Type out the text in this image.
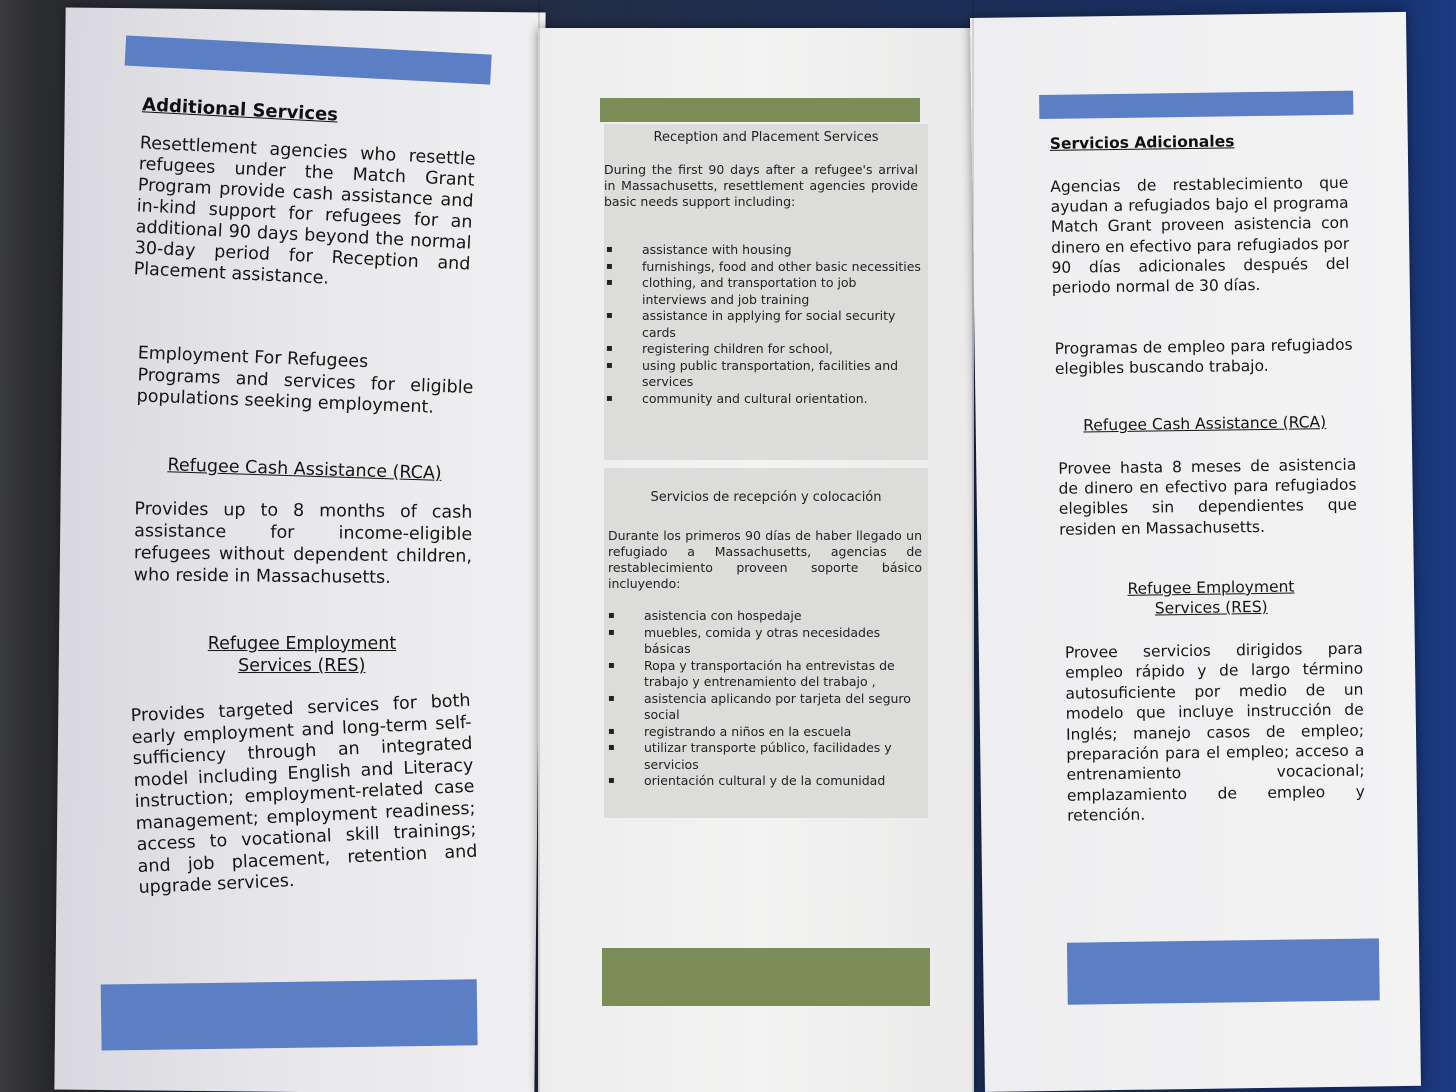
Additional Services
Resettlement agencies who resettle refugees under the Match Grant Program provide cash assistance and in-kind support for refugees for an additional 90 days beyond the normal 30-day period for Reception and Placement assistance.
Employment For Refugees
Programs and services for eligible populations seeking employment.
Refugee Cash Assistance (RCA)
Provides up to 8 months of cash assistance for income-eligible refugees without dependent children, who reside in Massachusetts.
Refugee Employment
Services (RES)
Provides targeted services for both early employment and long-term self-sufficiency through an integrated model including English and Literacy instruction; employment-related case management; employment readiness; access to vocational skill trainings; and job placement, retention and upgrade services.
Reception and Placement Services
During the first 90 days after a refugee's arrival in Massachusetts, resettlement agencies provide basic needs support including:
▪ assistance with housing
▪ furnishings, food and other basic necessities
▪ clothing, and transportation to job interviews and job training
▪ assistance in applying for social security cards
▪ registering children for school,
▪ using public transportation, facilities and services
▪ community and cultural orientation.
Servicios de recepción y colocación
Durante los primeros 90 días de haber llegado un refugiado a Massachusetts, agencias de restablecimiento proveen soporte básico incluyendo:
▪ asistencia con hospedaje
▪ muebles, comida y otras necesidades básicas
▪ Ropa y transportación ha entrevistas de trabajo y entrenamiento del trabajo ,
▪ asistencia aplicando por tarjeta del seguro social
▪ registrando a niños en la escuela
▪ utilizar transporte público, facilidades y servicios
▪ orientación cultural y de la comunidad
Servicios Adicionales
Agencias de restablecimiento que ayudan a refugiados bajo el programa Match Grant proveen asistencia con dinero en efectivo para refugiados por 90 días adicionales después del periodo normal de 30 días.
Programas de empleo para refugiados elegibles buscando trabajo.
Refugee Cash Assistance (RCA)
Provee hasta 8 meses de asistencia de dinero en efectivo para refugiados elegibles sin dependientes que residen en Massachusetts.
Refugee Employment
Services (RES)
Provee servicios dirigidos para empleo rápido y de largo término autosuficiente por medio de un modelo que incluye instrucción de Inglés; manejo casos de empleo; preparación para el empleo; acceso a entrenamiento vocacional; emplazamiento de empleo y retención.
